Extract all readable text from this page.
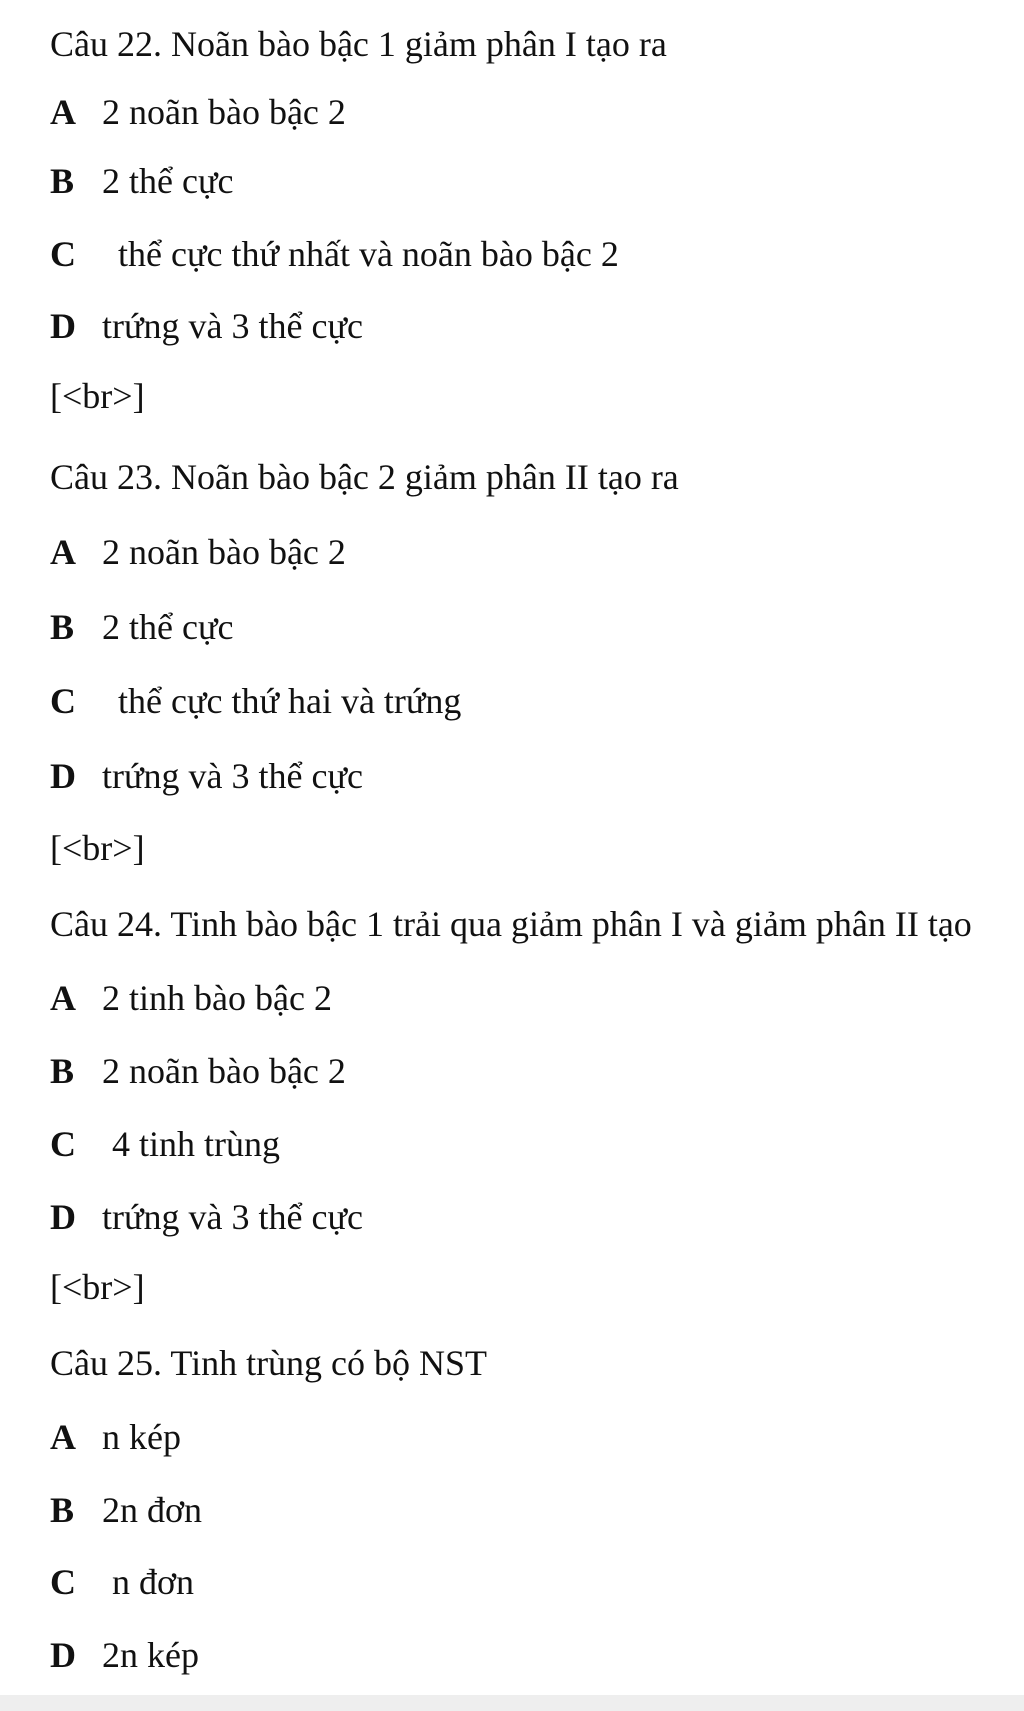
Câu 22. Noãn bào bậc 1 giảm phân I tạo ra
A 2 noãn bào bậc 2
B 2 thể cực
C thể cực thứ nhất và noãn bào bậc 2
D trứng và 3 thể cực
[<br>]
Câu 23. Noãn bào bậc 2 giảm phân II tạo ra
A 2 noãn bào bậc 2
B 2 thể cực
C thể cực thứ hai và trứng
D trứng và 3 thể cực
[<br>]
Câu 24. Tinh bào bậc 1 trải qua giảm phân I và giảm phân II tạo
A 2 tinh bào bậc 2
B 2 noãn bào bậc 2
C 4 tinh trùng
D trứng và 3 thể cực
[<br>]
Câu 25. Tinh trùng có bộ NST
A n kép
B 2n đơn
C n đơn
D 2n kép
